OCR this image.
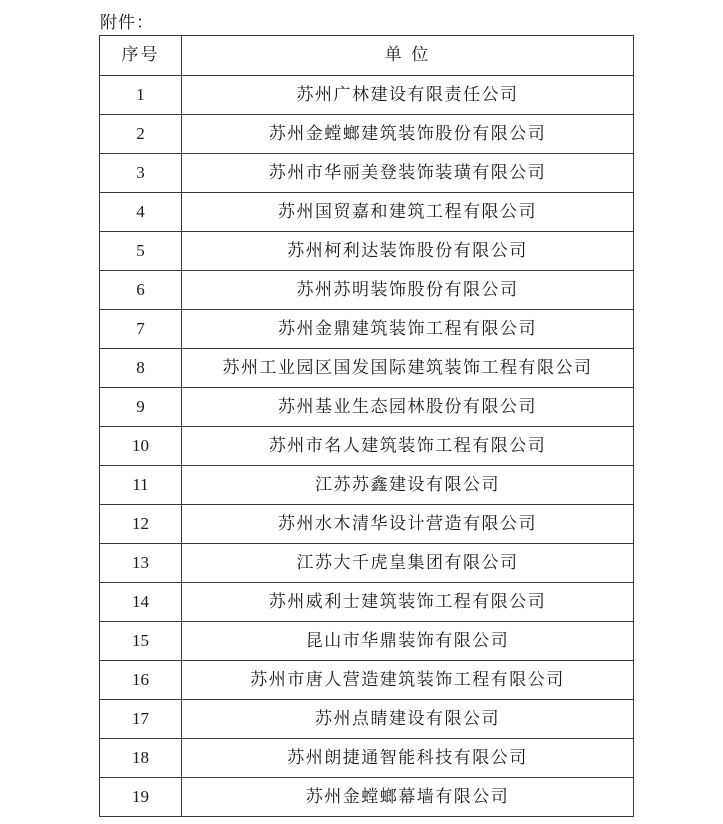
附件：
序号	单 位
1	苏州广林建设有限责任公司
2	苏州金螳螂建筑装饰股份有限公司
3	苏州市华丽美登装饰装璜有限公司
4	苏州国贸嘉和建筑工程有限公司
5	苏州柯利达装饰股份有限公司
6	苏州苏明装饰股份有限公司
7	苏州金鼎建筑装饰工程有限公司
8	苏州工业园区国发国际建筑装饰工程有限公司
9	苏州基业生态园林股份有限公司
10	苏州市名人建筑装饰工程有限公司
11	江苏苏鑫建设有限公司
12	苏州水木清华设计营造有限公司
13	江苏大千虎皇集团有限公司
14	苏州威利士建筑装饰工程有限公司
15	昆山市华鼎装饰有限公司
16	苏州市唐人营造建筑装饰工程有限公司
17	苏州点睛建设有限公司
18	苏州朗捷通智能科技有限公司
19	苏州金螳螂幕墙有限公司
